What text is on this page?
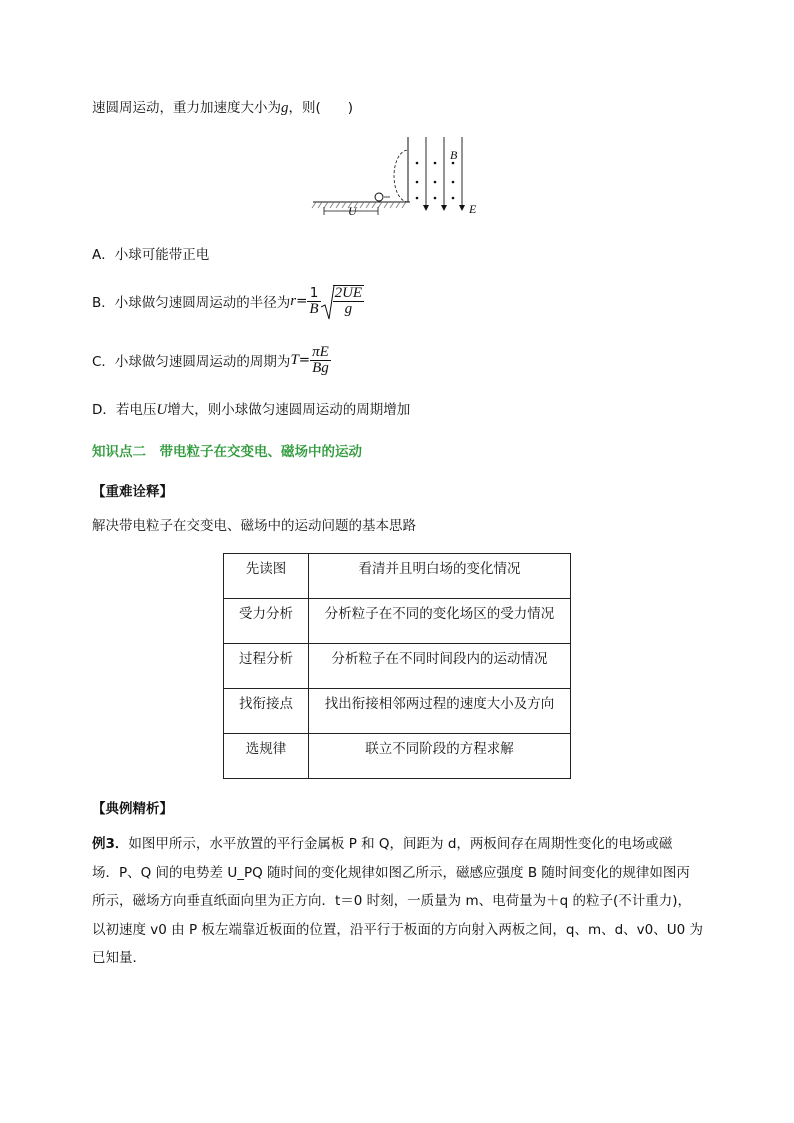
速圆周运动，重力加速度大小为g，则(　　)
U
B
E
A．小球可能带正电
B．小球做匀速圆周运动的半径为 $r = \frac{1}{B} \frac{2UE}{g}$
C．小球做匀速圆周运动的周期为 $T = \frac{\pi E}{Bg}$
D．若电压U增大，则小球做匀速圆周运动的周期增加
知识点二　带电粒子在交变电、磁场中的运动
【重难诠释】
解决带电粒子在交变电、磁场中的运动问题的基本思路
先读图	看清并且明白场的变化情况
受力分析	分析粒子在不同的变化场区的受力情况
过程分析	分析粒子在不同时间段内的运动情况
找衔接点	找出衔接相邻两过程的速度大小及方向
选规律	联立不同阶段的方程求解
【典例精析】
例3．如图甲所示，水平放置的平行金属板 P 和 Q，间距为 d，两板间存在周期性变化的电场或磁
场．P、Q 间的电势差 U_PQ 随时间的变化规律如图乙所示，磁感应强度 B 随时间变化的规律如图丙
所示，磁场方向垂直纸面向里为正方向．t＝0 时刻，一质量为 m、电荷量为＋q 的粒子(不计重力)，
以初速度 v0 由 P 板左端靠近板面的位置，沿平行于板面的方向射入两板之间，q、m、d、v0、U0 为
已知量．
